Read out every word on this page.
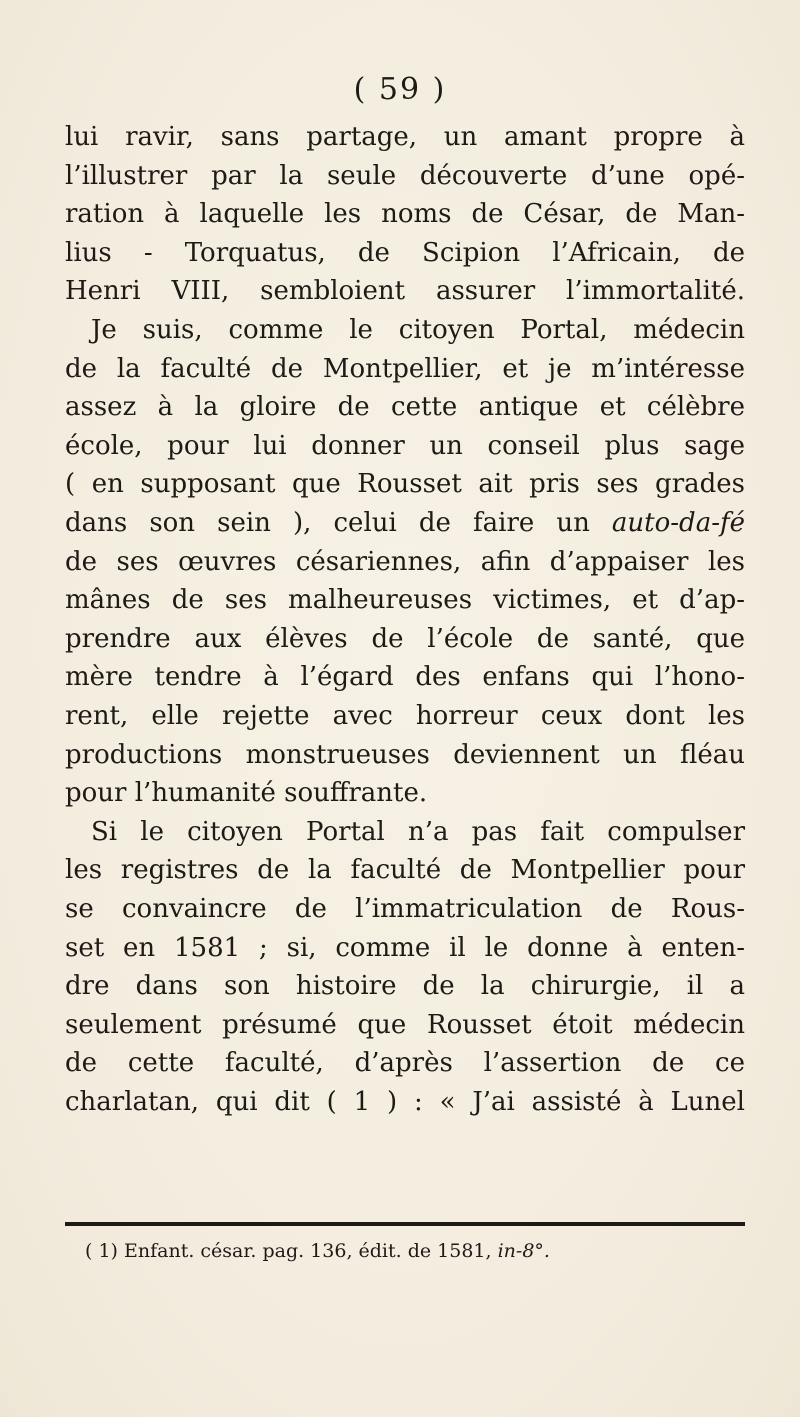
( 59 )
lui ravir, sans partage, un amant propre à
l’illustrer par la seule découverte d’une opé-
ration à laquelle les noms de César, de Man-
lius - Torquatus, de Scipion l’Africain, de
Henri VIII, sembloient assurer l’immortalité.
Je suis, comme le citoyen Portal, médecin
de la faculté de Montpellier, et je m’intéresse
assez à la gloire de cette antique et célèbre
école, pour lui donner un conseil plus sage
( en supposant que Rousset ait pris ses grades
dans son sein ), celui de faire un auto-da-fé
de ses œuvres césariennes, afin d’appaiser les
mânes de ses malheureuses victimes, et d’ap-
prendre aux élèves de l’école de santé, que
mère tendre à l’égard des enfans qui l’hono-
rent, elle rejette avec horreur ceux dont les
productions monstrueuses deviennent un fléau
pour l’humanité souffrante.
Si le citoyen Portal n’a pas fait compulser
les registres de la faculté de Montpellier pour
se convaincre de l’immatriculation de Rous-
set en 1581 ; si, comme il le donne à enten-
dre dans son histoire de la chirurgie, il a
seulement présumé que Rousset étoit médecin
de cette faculté, d’après l’assertion de ce
charlatan, qui dit ( 1 ) : « J’ai assisté à Lunel
( 1) Enfant. césar. pag. 136, édit. de 1581, in-8°.
